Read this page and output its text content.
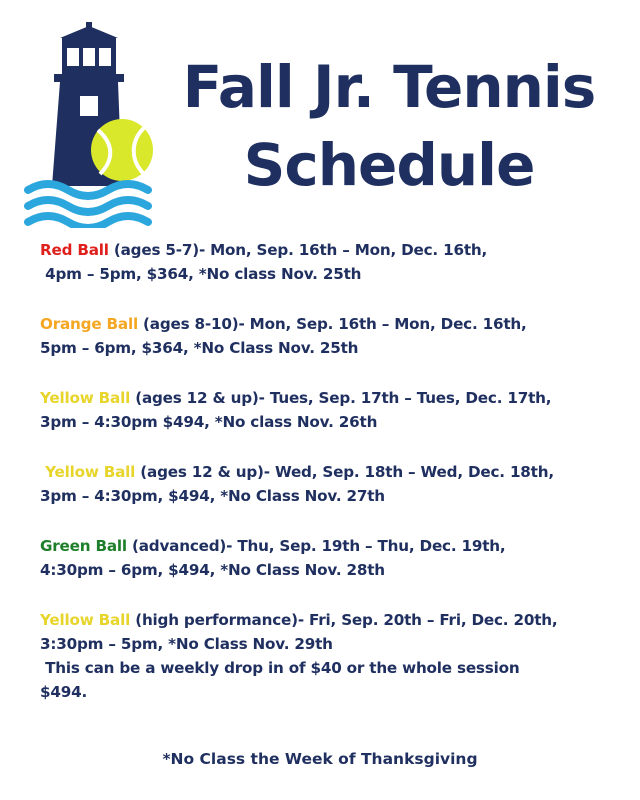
Fall Jr. Tennis
Schedule
Red Ball (ages 5-7)- Mon, Sep. 16th – Mon, Dec. 16th,
4pm – 5pm, $364, *No class Nov. 25th
Orange Ball (ages 8-10)- Mon, Sep. 16th – Mon, Dec. 16th,
5pm – 6pm, $364, *No Class Nov. 25th
Yellow Ball (ages 12 & up)- Tues, Sep. 17th – Tues, Dec. 17th,
3pm – 4:30pm $494, *No class Nov. 26th
Yellow Ball (ages 12 & up)- Wed, Sep. 18th – Wed, Dec. 18th,
3pm – 4:30pm, $494, *No Class Nov. 27th
Green Ball (advanced)- Thu, Sep. 19th – Thu, Dec. 19th,
4:30pm – 6pm, $494, *No Class Nov. 28th
Yellow Ball (high performance)- Fri, Sep. 20th – Fri, Dec. 20th,
3:30pm – 5pm, *No Class Nov. 29th
This can be a weekly drop in of $40 or the whole session
$494.
*No Class the Week of Thanksgiving
